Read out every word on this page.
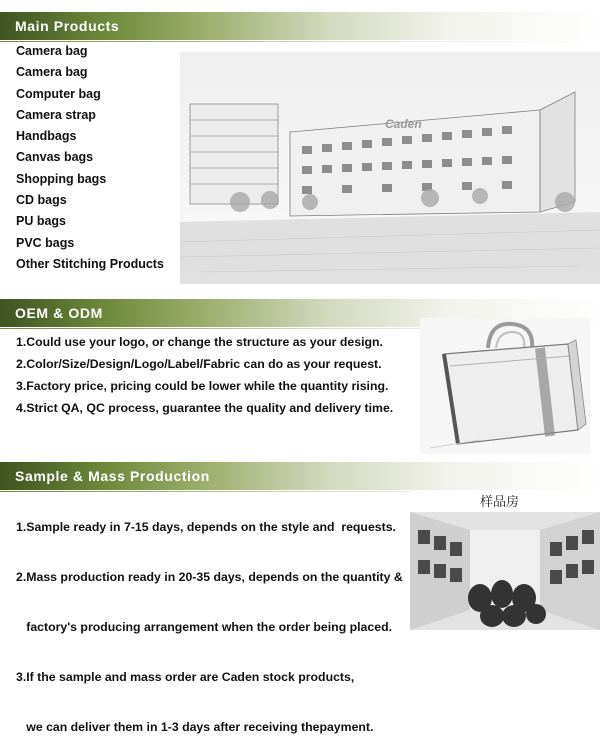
Main Products
Caden
Camera bag
Camera bag
Computer bag
Camera strap
Handbags
Canvas bags
Shopping bags
CD bags
PU bags
PVC bags
Other Stitching Products
OEM & ODM
1.Could use your logo, or change the structure as your design.
2.Color/Size/Design/Logo/Label/Fabric can do as your request.
3.Factory price, pricing could be lower while the quantity rising.
4.Strict QA, QC process, guarantee the quality and delivery time.
Sample & Mass Production
样品房

1.Sample ready in 7-15 days, depends on the style and  requests.

2.Mass production ready in 20-35 days, depends on the quantity &

factory's producing arrangement when the order being placed.

3.If the sample and mass order are Caden stock products,

we can deliver them in 1-3 days after receiving thepayment.
